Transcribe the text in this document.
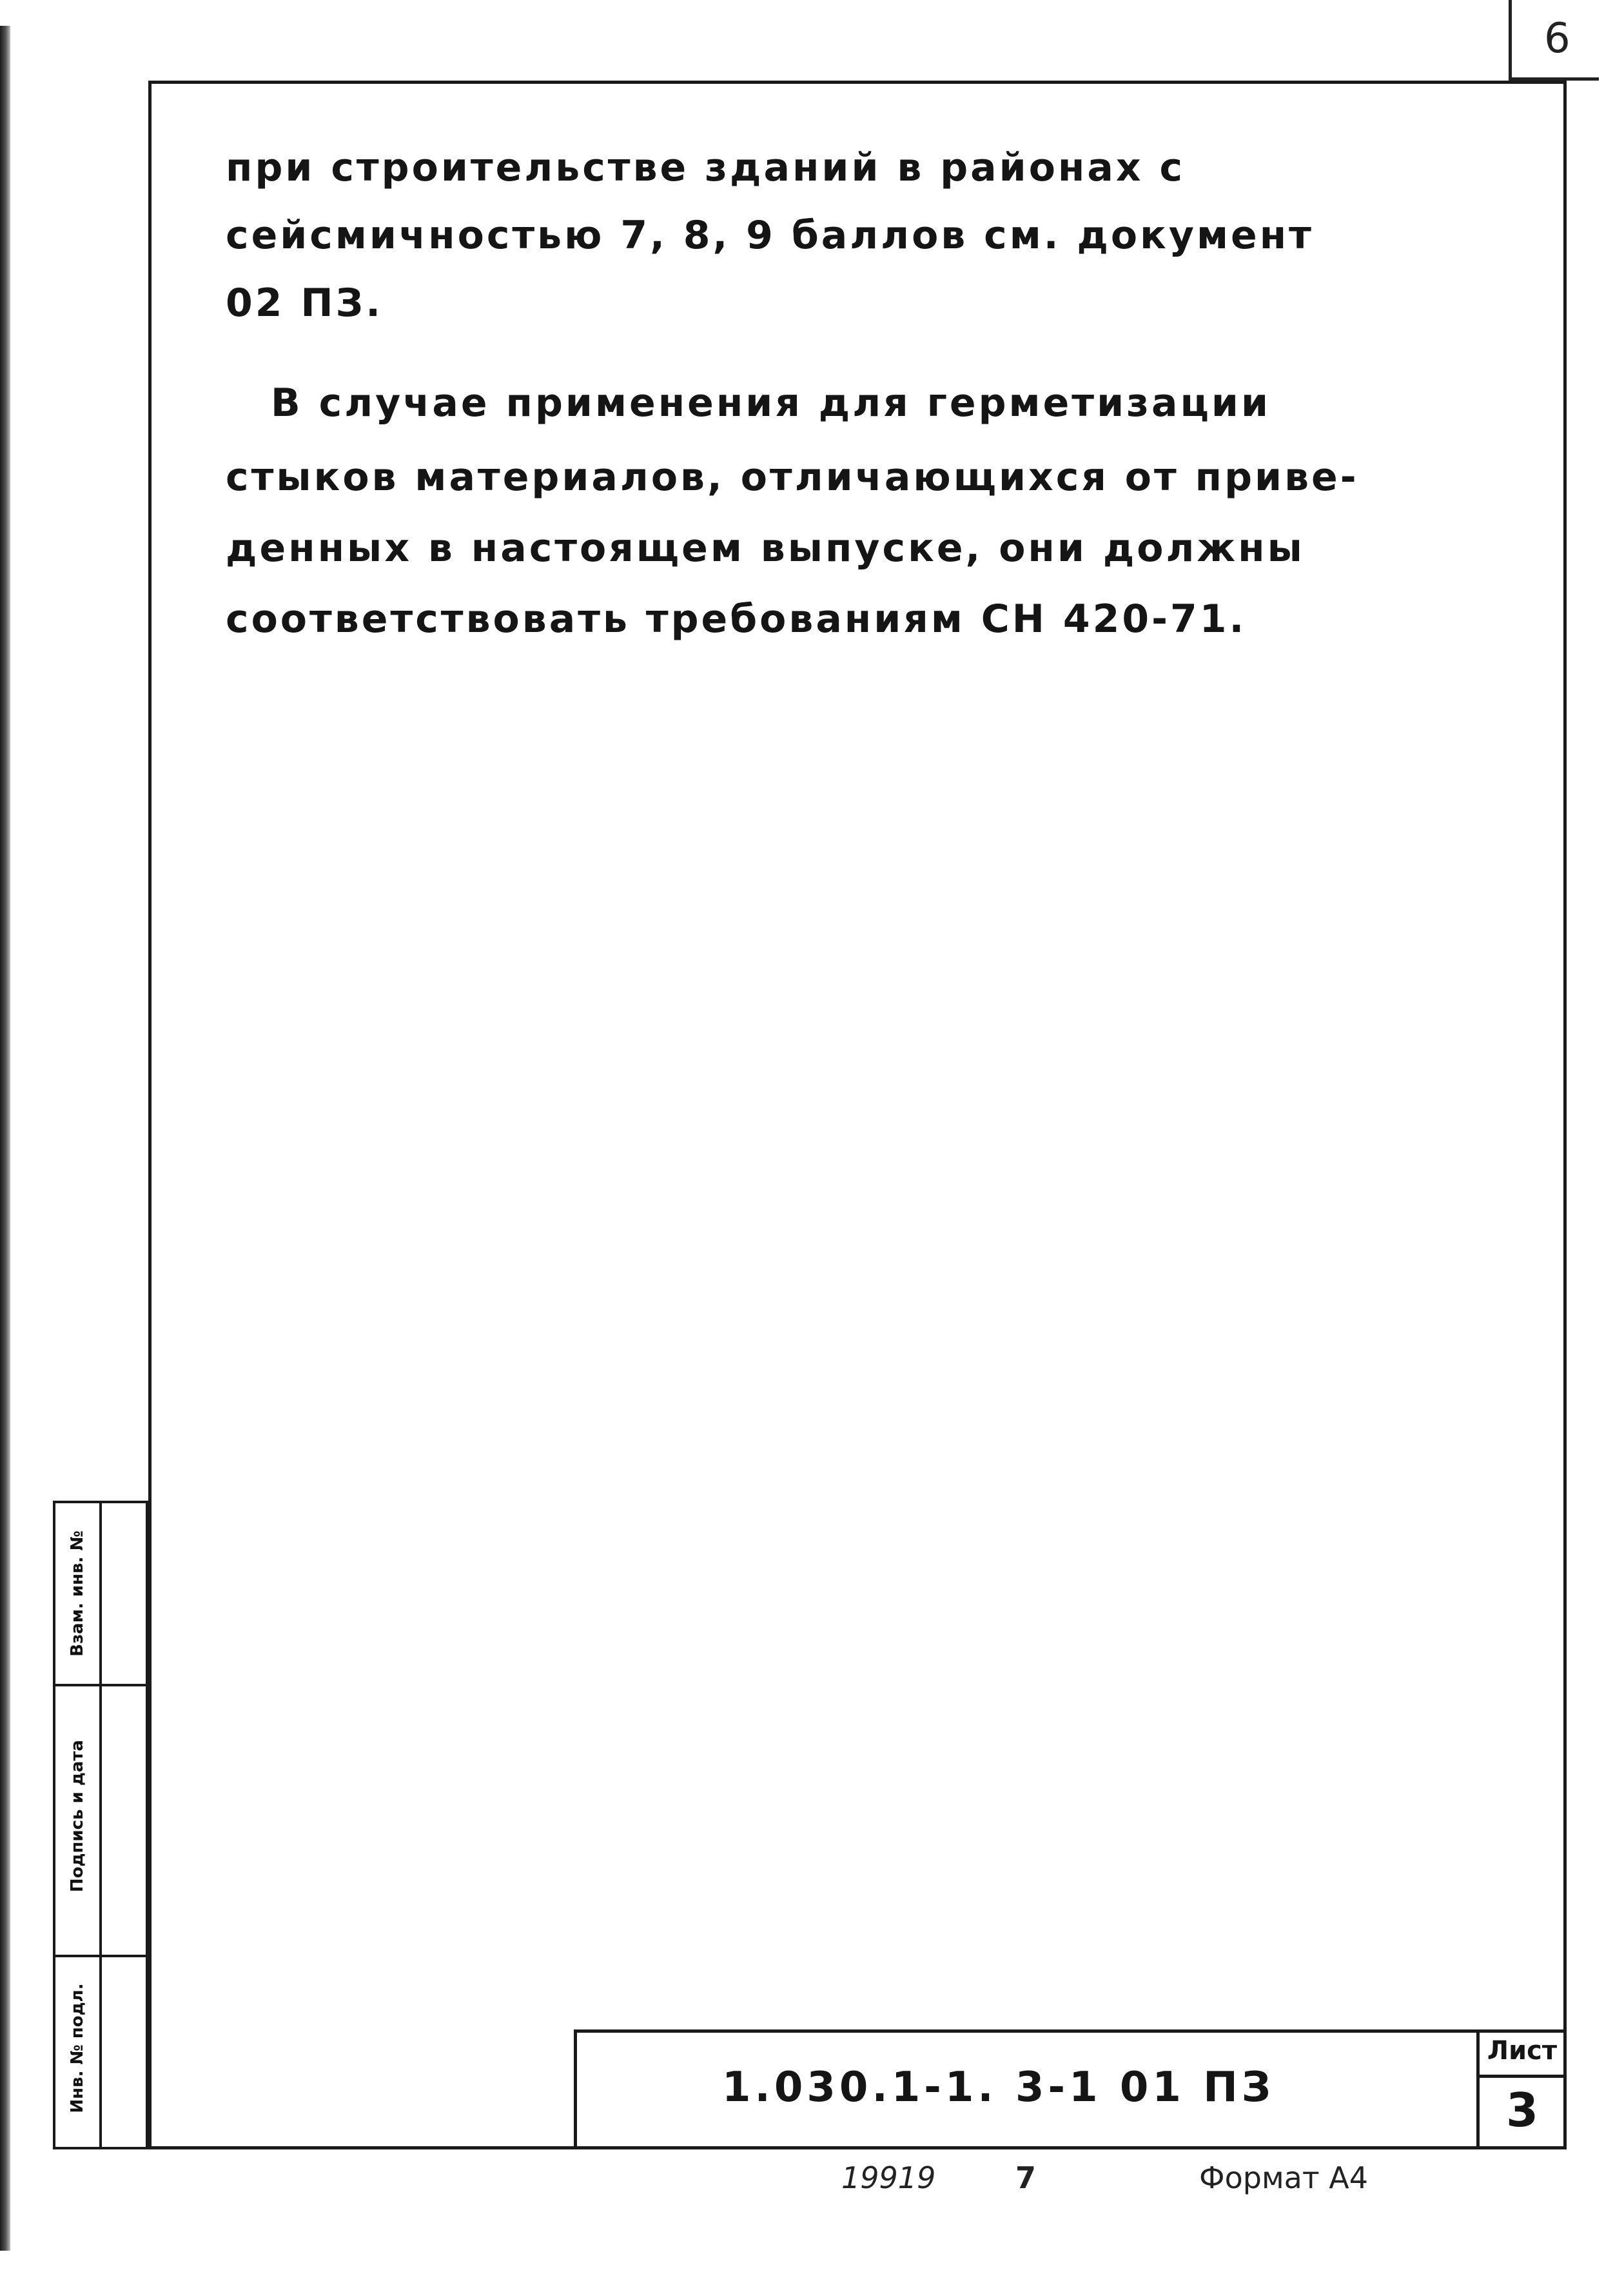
6
при строительстве зданий в районах с
сейсмичностью 7, 8, 9 баллов см. документ
02 ПЗ.
В случае применения для герметизации
стыков материалов, отличающихся от приве-
денных в настоящем выпуске, они должны
соответствовать требованиям СН 420-71.
Инв. № подл.
Подпись и дата
Взам. инв. №
1.030.1-1. 3-1 01 ПЗ
Лист
3
19919	7	Формат А4
